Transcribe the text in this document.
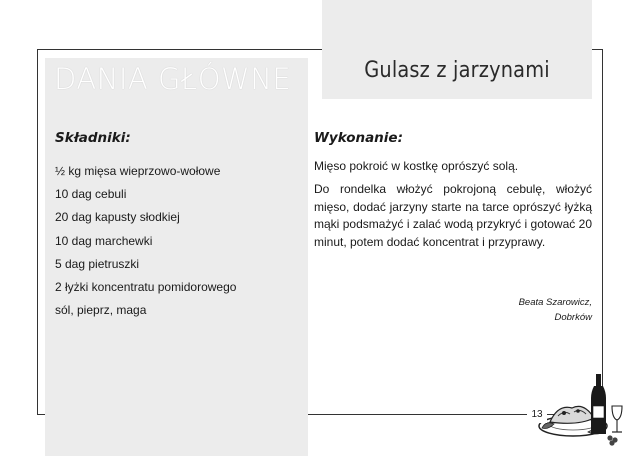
DANIA GŁÓWNE	Gulasz z jarzynami
Składniki:
½ kg mięsa wieprzowo-wołowe
10 dag cebuli
20 dag kapusty słodkiej
10 dag marchewki
5 dag pietruszki
2 łyżki koncentratu pomidorowego
sól, pieprz, maga
Wykonanie:

Mięso pokroić w kostkę oprószyć solą.

Do rondelka włożyć pokrojoną cebulę, włożyć mięso, dodać jarzyny starte na tarce oprószyć łyżką mąki podsmażyć i zalać wodą przykryć i gotować 20 minut, potem dodać koncentrat i przyprawy.

Beata Szarowicz,
Dobrków
13
